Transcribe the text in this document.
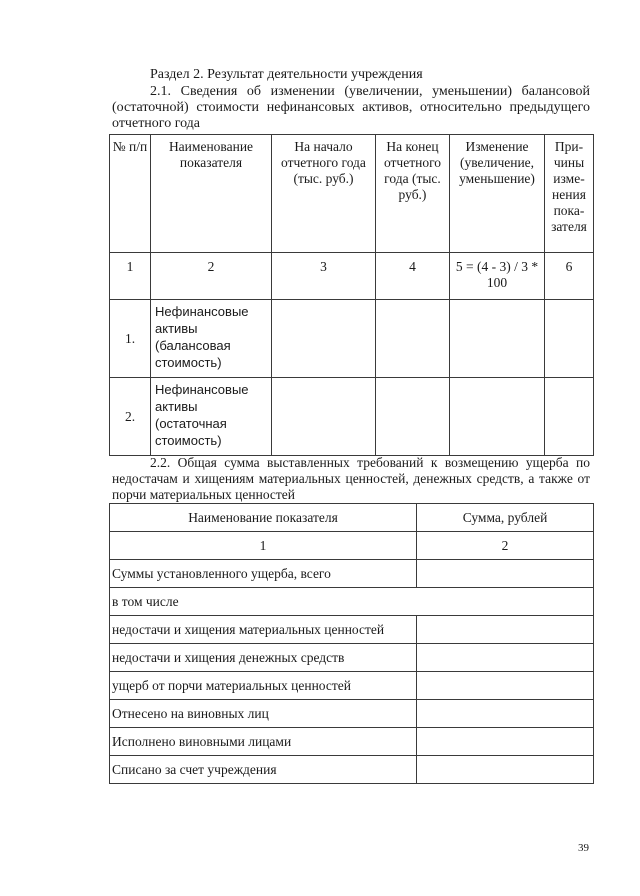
Раздел 2. Результат деятельности учреждения
2.1. Сведения об изменении (увеличении, уменьшении) балансовой (остаточной) стоимости нефинансовых активов, относительно предыдущего отчетного года
№ п/п	Наименование показателя	На начало отчетного года (тыс. руб.)	На конец отчетного года (тыс. руб.)	Изменение (увеличение, уменьшение)	При-чины изме-нения пока-зателя
1	2	3	4	5 = (4 - 3) / 3 * 100	6
1.	Нефинансовые активы (балансовая стоимость)				
2.	Нефинансовые активы (остаточная стоимость)				
2.2. Общая сумма выставленных требований к возмещению ущерба по недостачам и хищениям материальных ценностей, денежных средств, а также от порчи материальных ценностей
Наименование показателя	Сумма, рублей
1	2
Суммы установленного ущерба, всего	
в том числе	
недостачи и хищения материальных ценностей	
недостачи и хищения денежных средств	
ущерб от порчи материальных ценностей	
Отнесено на виновных лиц	
Исполнено виновными лицами	
Списано за счет учреждения	
39
